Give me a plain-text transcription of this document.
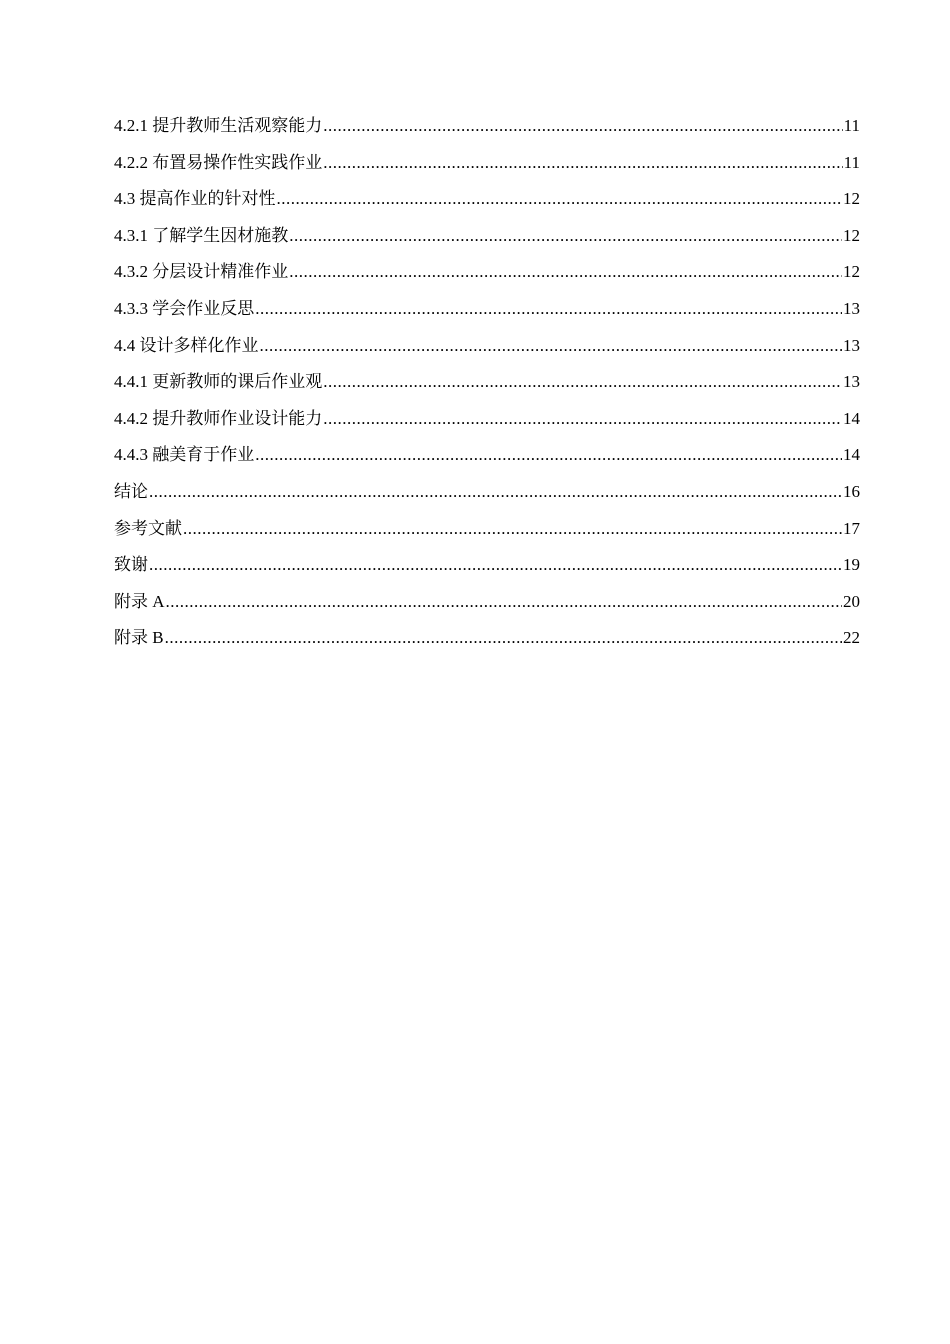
4.2.1 提升教师生活观察能力 .....	11
4.2.2 布置易操作性实践作业 .....	11
4.3 提高作业的针对性 .....	12
4.3.1 了解学生因材施教 .....	12
4.3.2 分层设计精准作业 .....	12
4.3.3 学会作业反思 .....	13
4.4 设计多样化作业 .....	13
4.4.1 更新教师的课后作业观 .....	13
4.4.2 提升教师作业设计能力 .....	14
4.4.3 融美育于作业 .....	14
结论 .....	16
参考文献 .....	17
致谢 .....	19
附录 A .....	20
附录 B .....	22
